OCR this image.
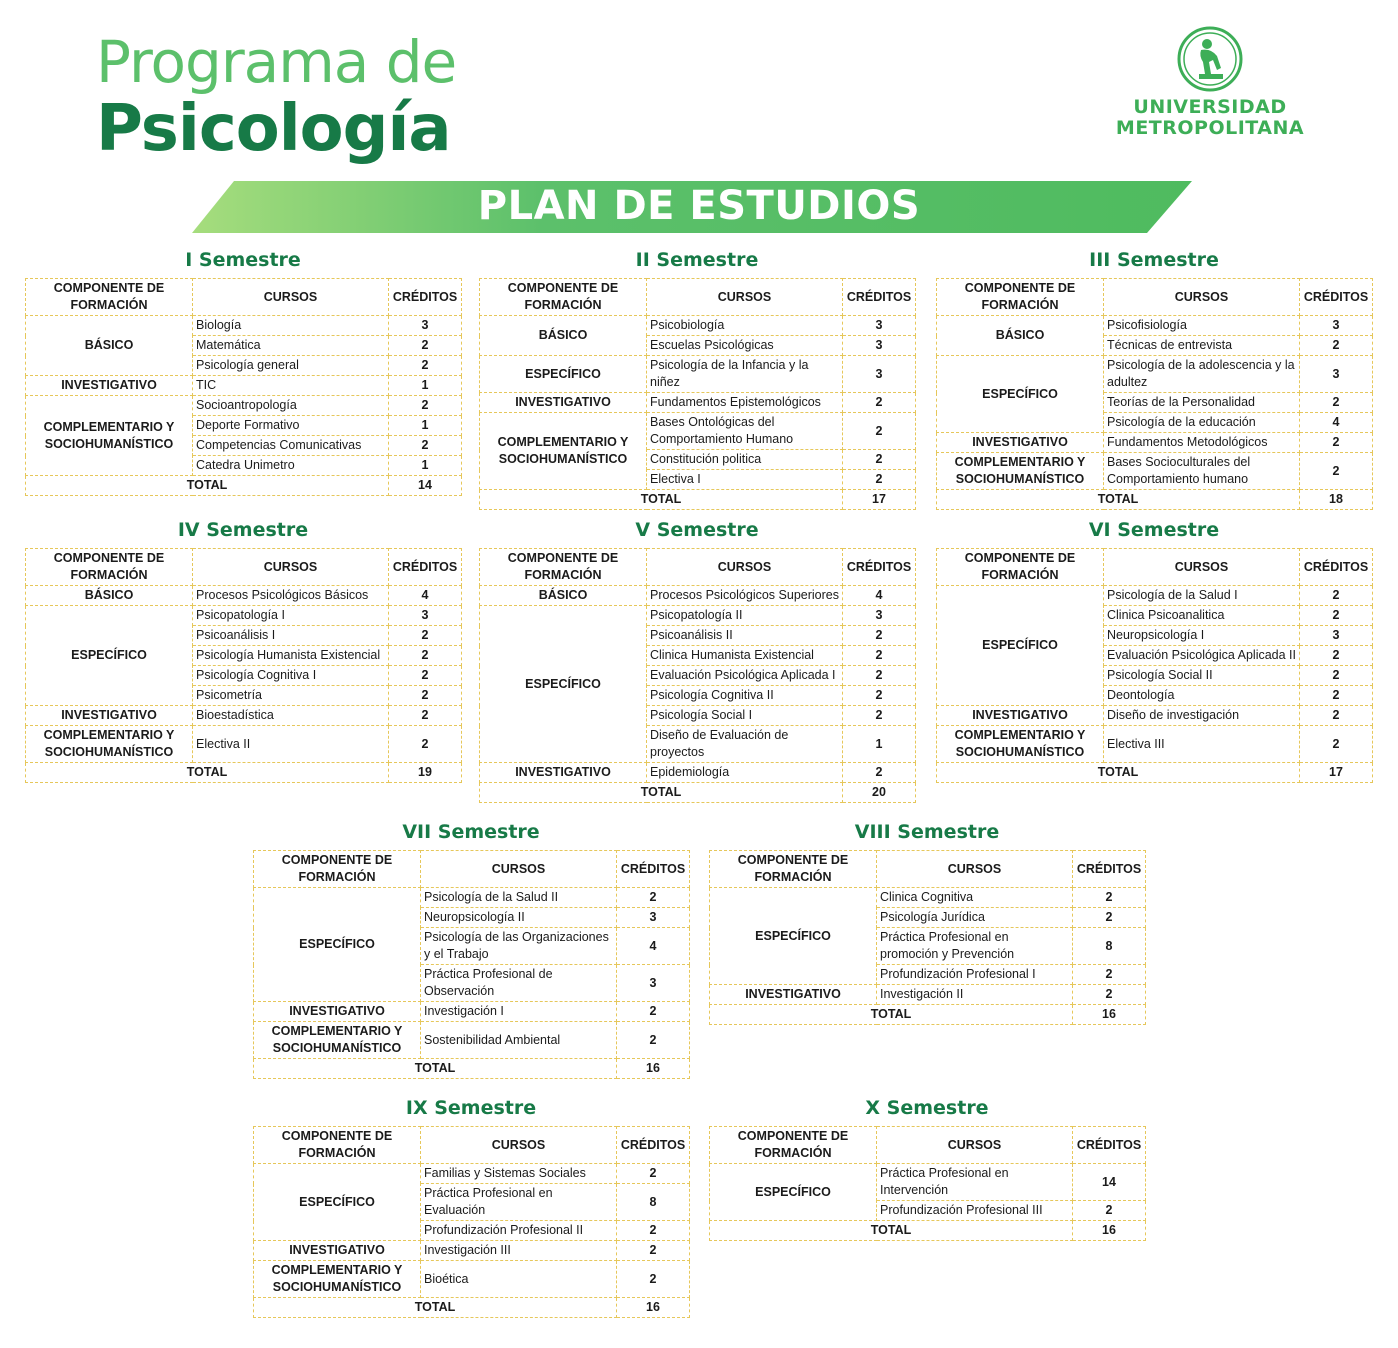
Programa de
Psicología	UNIVERSIDAD
METROPOLITANA
PLAN DE ESTUDIOS
I Semestre
COMPONENTE DE FORMACIÓN	CURSOS	CRÉDITOS
BÁSICO	Biología	3
	Matemática	2
	Psicología general	2
INVESTIGATIVO	TIC	1
COMPLEMENTARIO Y SOCIOHUMANÍSTICO	Socioantropología	2
	Deporte Formativo	1
	Competencias Comunicativas	2
	Catedra Unimetro	1
TOTAL		14
II Semestre
COMPONENTE DE FORMACIÓN	CURSOS	CRÉDITOS
BÁSICO	Psicobiología	3
	Escuelas Psicológicas	3
ESPECÍFICO	Psicología de la Infancia y la niñez	3
INVESTIGATIVO	Fundamentos Epistemológicos	2
COMPLEMENTARIO Y SOCIOHUMANÍSTICO	Bases Ontológicas del Comportamiento Humano	2
	Constitución politica	2
	Electiva I	2
TOTAL		17
III Semestre
COMPONENTE DE FORMACIÓN	CURSOS	CRÉDITOS
BÁSICO	Psicofisiología	3
	Técnicas de entrevista	2
ESPECÍFICO	Psicología de la adolescencia y la adultez	3
	Teorías de la Personalidad	2
	Psicología de la educación	4
INVESTIGATIVO	Fundamentos Metodológicos	2
COMPLEMENTARIO Y SOCIOHUMANÍSTICO	Bases Socioculturales del Comportamiento humano	2
TOTAL		18
IV Semestre
COMPONENTE DE FORMACIÓN	CURSOS	CRÉDITOS
BÁSICO	Procesos Psicológicos Básicos	4
ESPECÍFICO	Psicopatología I	3
	Psicoanálisis I	2
	Psicología Humanista Existencial	2
	Psicología Cognitiva I	2
	Psicometría	2
INVESTIGATIVO	Bioestadística	2
COMPLEMENTARIO Y SOCIOHUMANÍSTICO	Electiva II	2
TOTAL		19
V Semestre
COMPONENTE DE FORMACIÓN	CURSOS	CRÉDITOS
BÁSICO	Procesos Psicológicos Superiores	4
ESPECÍFICO	Psicopatología II	3
	Psicoanálisis II	2
	Clinica Humanista Existencial	2
	Evaluación Psicológica Aplicada I	2
	Psicología Cognitiva II	2
	Psicología Social I	2
	Diseño de Evaluación de proyectos	1
INVESTIGATIVO	Epidemiología	2
TOTAL		20
VI Semestre
COMPONENTE DE FORMACIÓN	CURSOS	CRÉDITOS
ESPECÍFICO	Psicología de la Salud I	2
	Clinica Psicoanalitica	2
	Neuropsicología I	3
	Evaluación Psicológica Aplicada II	2
	Psicología Social II	2
	Deontología	2
INVESTIGATIVO	Diseño de investigación	2
COMPLEMENTARIO Y SOCIOHUMANÍSTICO	Electiva III	2
TOTAL		17
VII Semestre
COMPONENTE DE FORMACIÓN	CURSOS	CRÉDITOS
ESPECÍFICO	Psicología de la Salud II	2
	Neuropsicología II	3
	Psicología de las Organizaciones y el Trabajo	4
	Práctica Profesional de Observación	3
INVESTIGATIVO	Investigación I	2
COMPLEMENTARIO Y SOCIOHUMANÍSTICO	Sostenibilidad Ambiental	2
TOTAL		16
VIII Semestre
COMPONENTE DE FORMACIÓN	CURSOS	CRÉDITOS
ESPECÍFICO	Clinica Cognitiva	2
	Psicología Jurídica	2
	Práctica Profesional en promoción y Prevención	8
	Profundización Profesional I	2
INVESTIGATIVO	Investigación II	2
TOTAL		16
IX Semestre
COMPONENTE DE FORMACIÓN	CURSOS	CRÉDITOS
ESPECÍFICO	Familias y Sistemas Sociales	2
	Práctica Profesional en Evaluación	8
	Profundización Profesional II	2
INVESTIGATIVO	Investigación III	2
COMPLEMENTARIO Y SOCIOHUMANÍSTICO	Bioética	2
TOTAL		16
X Semestre
COMPONENTE DE FORMACIÓN	CURSOS	CRÉDITOS
ESPECÍFICO	Práctica Profesional en Intervención	14
	Profundización Profesional III	2
TOTAL		16
